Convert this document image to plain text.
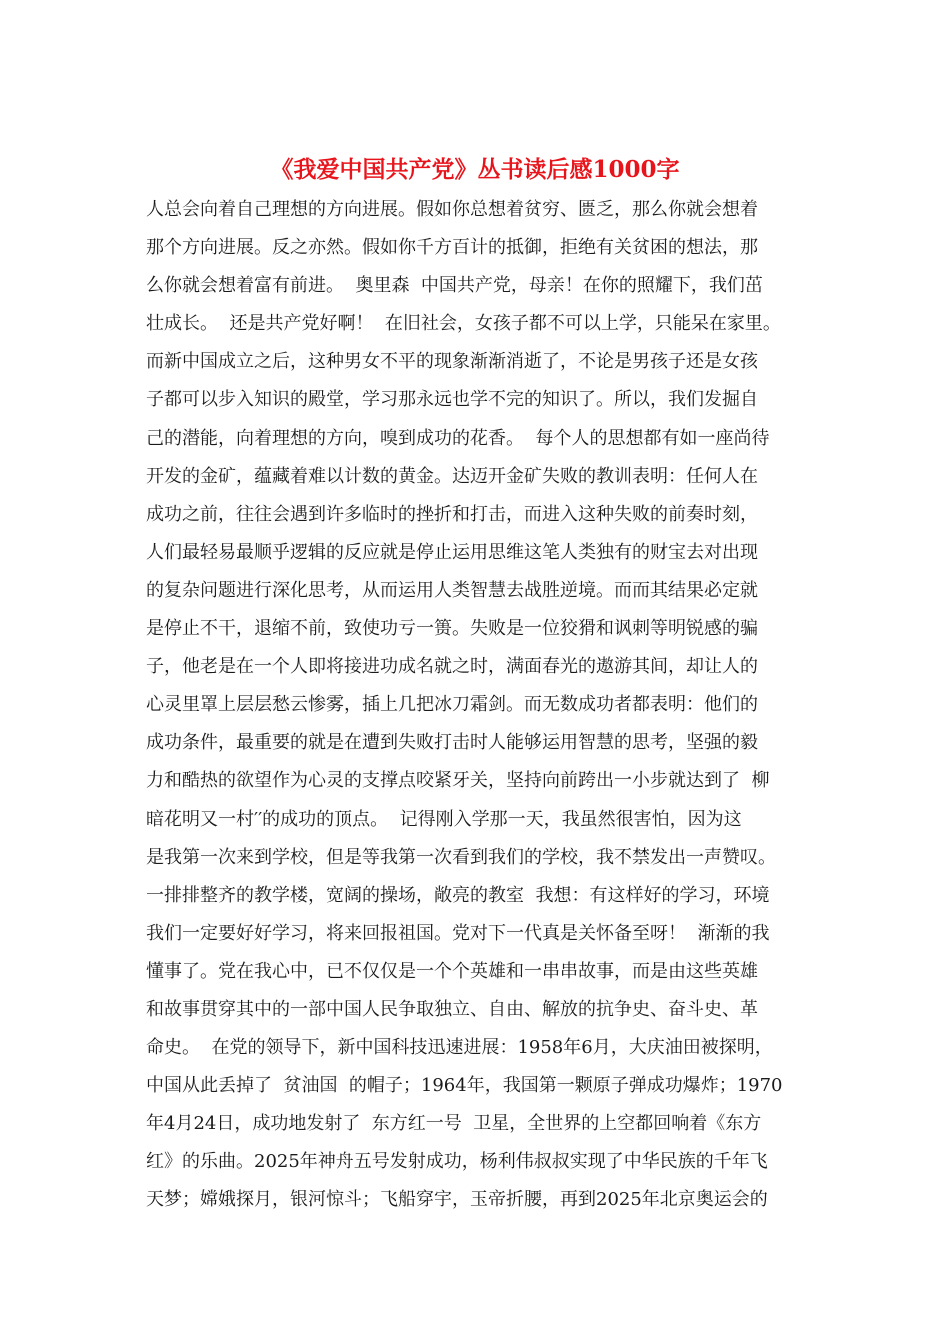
《我爱中国共产党》丛书读后感1000字
人总会向着自己理想的方向进展。假如你总想着贫穷、匮乏，那么你就会想着
那个方向进展。反之亦然。假如你千方百计的抵御，拒绝有关贫困的想法，那
么你就会想着富有前进。  奥里森  中国共产党，母亲！在你的照耀下，我们茁
壮成长。  还是共产党好啊！  在旧社会，女孩子都不可以上学，只能呆在家里。
而新中国成立之后，这种男女不平的现象渐渐消逝了，不论是男孩子还是女孩
子都可以步入知识的殿堂，学习那永远也学不完的知识了。所以，我们发掘自
己的潜能，向着理想的方向，嗅到成功的花香。  每个人的思想都有如一座尚待
开发的金矿，蕴藏着难以计数的黄金。达迈开金矿失败的教训表明：任何人在
成功之前，往往会遇到许多临时的挫折和打击，而进入这种失败的前奏时刻，
人们最轻易最顺乎逻辑的反应就是停止运用思维这笔人类独有的财宝去对出现
的复杂问题进行深化思考，从而运用人类智慧去战胜逆境。而而其结果必定就
是停止不干，退缩不前，致使功亏一篑。失败是一位狡猾和讽刺等明锐感的骗
子，他老是在一个人即将接进功成名就之时，满面春光的遨游其间，却让人的
心灵里罩上层层愁云惨雾，插上几把冰刀霜剑。而无数成功者都表明：他们的
成功条件，最重要的就是在遭到失败打击时人能够运用智慧的思考，坚强的毅
力和酷热的欲望作为心灵的支撑点咬紧牙关，坚持向前跨出一小步就达到了  柳
暗花明又一村′′的成功的顶点。  记得刚入学那一天，我虽然很害怕，因为这
是我第一次来到学校，但是等我第一次看到我们的学校，我不禁发出一声赞叹。
一排排整齐的教学楼，宽阔的操场，敞亮的教室  我想：有这样好的学习，环境
我们一定要好好学习，将来回报祖国。党对下一代真是关怀备至呀！  渐渐的我
懂事了。党在我心中，已不仅仅是一个个英雄和一串串故事，而是由这些英雄
和故事贯穿其中的一部中国人民争取独立、自由、解放的抗争史、奋斗史、革
命史。  在党的领导下，新中国科技迅速进展：1958年6月，大庆油田被探明，
中国从此丢掉了  贫油国  的帽子；1964年，我国第一颗原子弹成功爆炸；1970
年4月24日，成功地发射了  东方红一号  卫星，全世界的上空都回响着《东方
红》的乐曲。2025年神舟五号发射成功，杨利伟叔叔实现了中华民族的千年飞
天梦；嫦娥探月，银河惊斗；飞船穿宇，玉帝折腰，再到2025年北京奥运会的
